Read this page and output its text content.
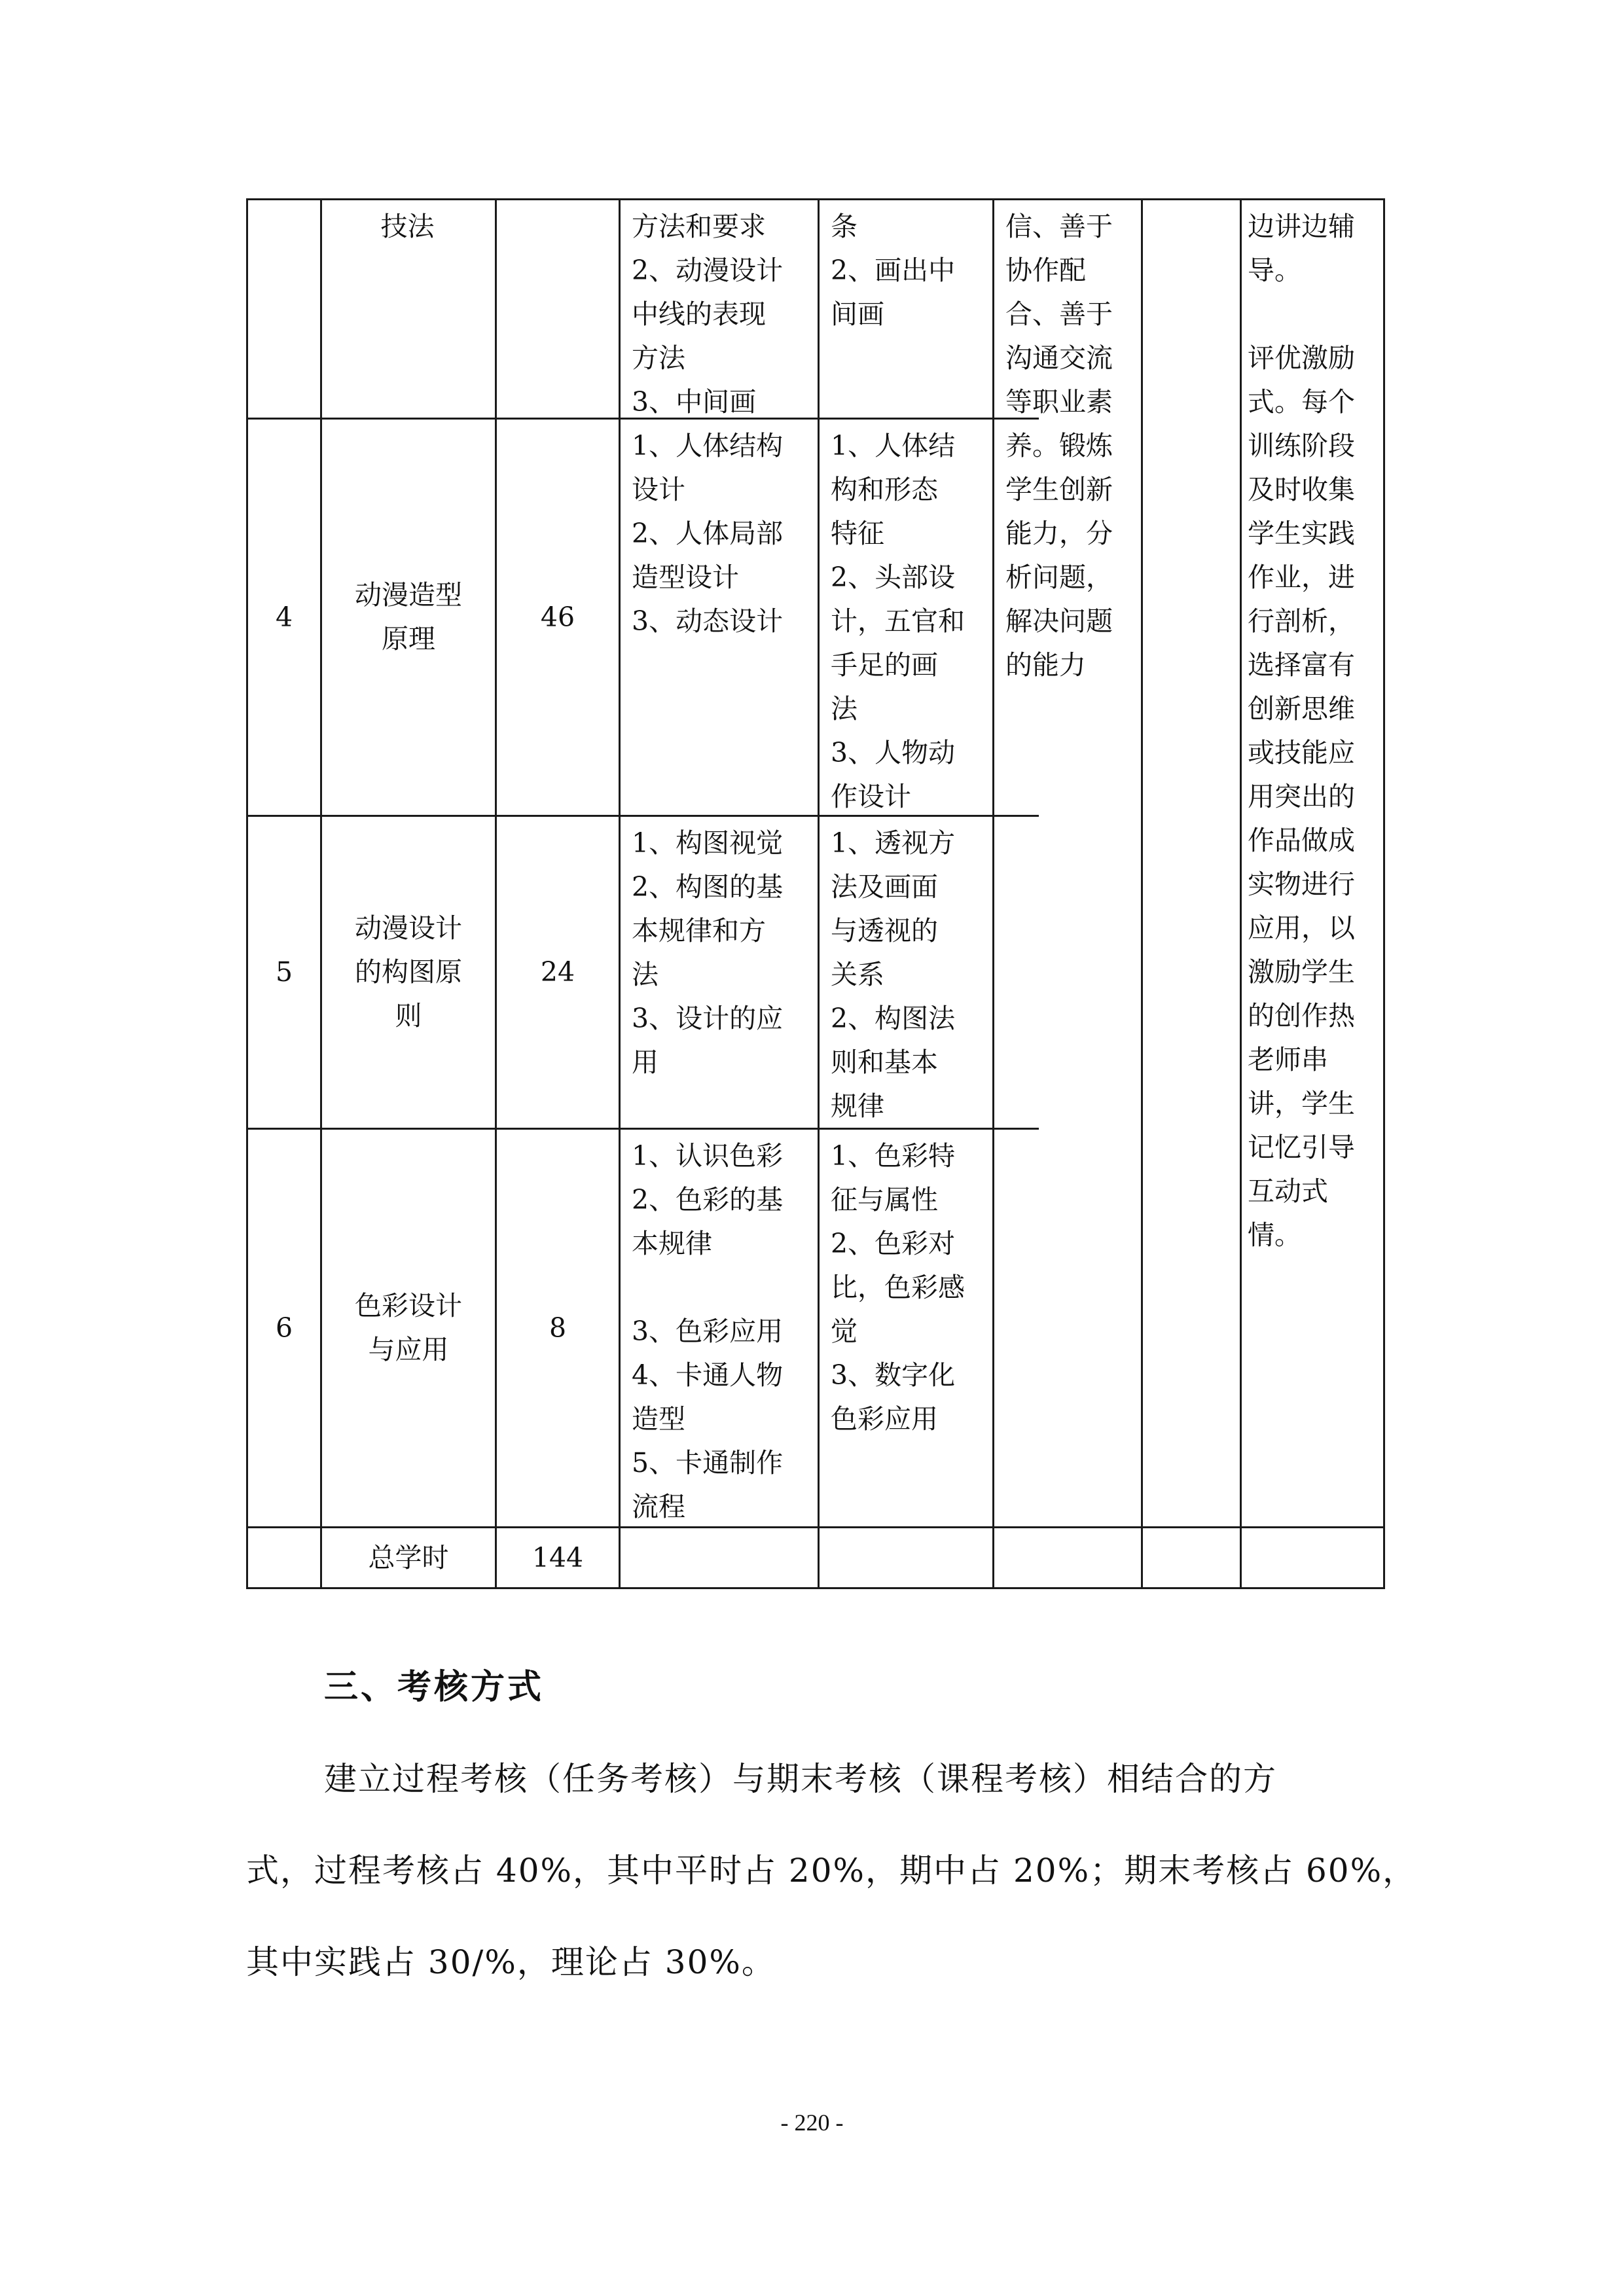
技法	方法和要求
2、动漫设计
中线的表现
方法
3、中间画
条
2、画出中
间画
4
动漫造型
原理
46
1、人体结构
设计
2、人体局部
造型设计
3、动态设计
1、人体结
构和形态
特征
2、头部设
计，五官和
手足的画
法
3、人物动
作设计
5
动漫设计
的构图原
则
24
1、构图视觉
2、构图的基
本规律和方
法
3、设计的应
用
1、透视方
法及画面
与透视的
关系
2、构图法
则和基本
规律
6
色彩设计
与应用
8
1、认识色彩
2、色彩的基
本规律
3、色彩应用
4、卡通人物
造型
5、卡通制作
流程
1、色彩特
征与属性
2、色彩对
比，色彩感
觉
3、数字化
色彩应用
信、善于
协作配
合、善于
沟通交流
等职业素
养。锻炼
学生创新
能力，分
析问题，
解决问题
的能力
边讲边辅
导。
评优激励
式。每个
训练阶段
及时收集
学生实践
作业，进
行剖析，
选择富有
创新思维
或技能应
用突出的
作品做成
实物进行
应用，以
激励学生
的创作热
老师串
讲，学生
记忆引导
互动式
情。
总学时	144
三、考核方式
建立过程考核（任务考核）与期末考核（课程考核）相结合的方
式，过程考核占 40%，其中平时占 20%，期中占 20%；期末考核占 60%，
其中实践占 30/%，理论占 30%。
- 220 -
